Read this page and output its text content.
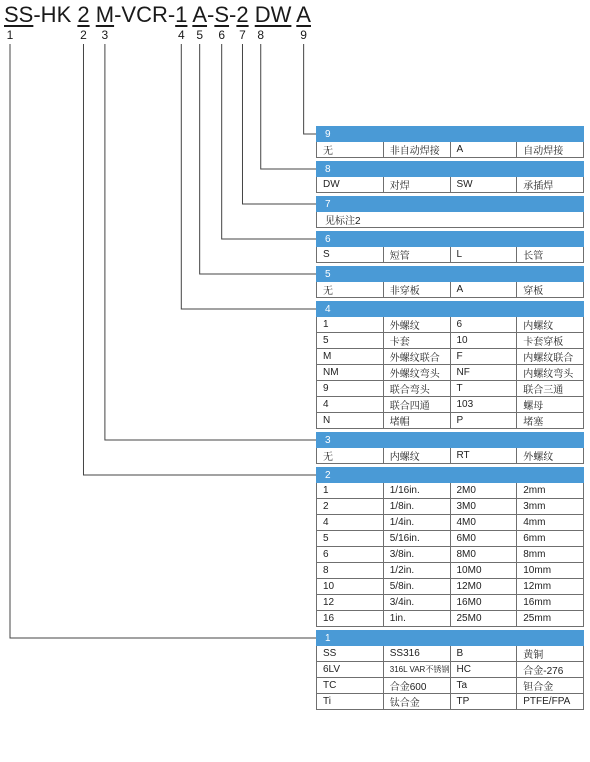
SS-HK 2 M-VCR-1 A-S-2 DW A

1	2	3	4 5	6	7 8	9
9			
无	非自动焊接	A	自动焊接

8			
DW	对焊	SW	承插焊

7			
见标注2			

6			
S	短管	L	长管

5			
无	非穿板	A	穿板

4			
1	外螺纹	6	内螺纹
5	卡套	10	卡套穿板
M	外螺纹联合	F	内螺纹联合
NM	外螺纹弯头	NF	内螺纹弯头
9	联合弯头	T	联合三通
4	联合四通	103	螺母
N	堵帽	P	堵塞

3			
无	内螺纹	RT	外螺纹

2			
1	1/16in.	2M0	2mm
2	1/8in.	3M0	3mm
4	1/4in.	4M0	4mm
5	5/16in.	6M0	6mm
6	3/8in.	8M0	8mm
8	1/2in.	10M0	10mm
10	5/8in.	12M0	12mm
12	3/4in.	16M0	16mm
16	1in.	25M0	25mm

1			
SS	SS316	B	黄铜
6LV	316L VAR不锈钢	HC	合金-276
TC	合金600	Ta	钽合金
Ti	钛合金	TP	PTFE/FPA
